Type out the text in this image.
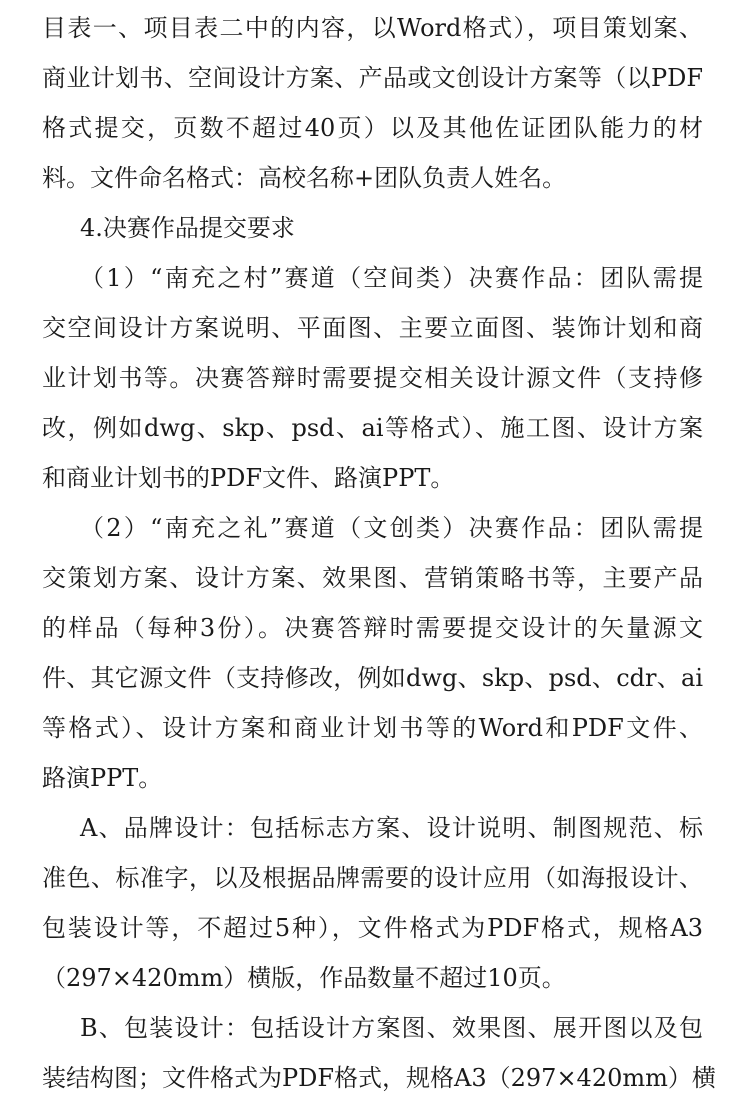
目表一、项目表二中的内容，以Word格式），项目策划案、
商业计划书、空间设计方案、产品或文创设计方案等（以PDF
格式提交，页数不超过40页）以及其他佐证团队能力的材
料。文件命名格式：高校名称+团队负责人姓名。
4.决赛作品提交要求
（1）“南充之村”赛道（空间类）决赛作品：团队需提
交空间设计方案说明、平面图、主要立面图、装饰计划和商
业计划书等。决赛答辩时需要提交相关设计源文件（支持修
改，例如dwg、skp、psd、ai等格式）、施工图、设计方案
和商业计划书的PDF文件、路演PPT。
（2）“南充之礼”赛道（文创类）决赛作品：团队需提
交策划方案、设计方案、效果图、营销策略书等，主要产品
的样品（每种3份）。决赛答辩时需要提交设计的矢量源文
件、其它源文件（支持修改，例如dwg、skp、psd、cdr、ai
等格式）、设计方案和商业计划书等的Word和PDF文件、
路演PPT。
A、品牌设计：包括标志方案、设计说明、制图规范、标
准色、标准字，以及根据品牌需要的设计应用（如海报设计、
包装设计等，不超过5种），文件格式为PDF格式，规格A3
（297×420mm）横版，作品数量不超过10页。
B、包装设计：包括设计方案图、效果图、展开图以及包
装结构图；文件格式为PDF格式，规格A3（297×420mm）横
